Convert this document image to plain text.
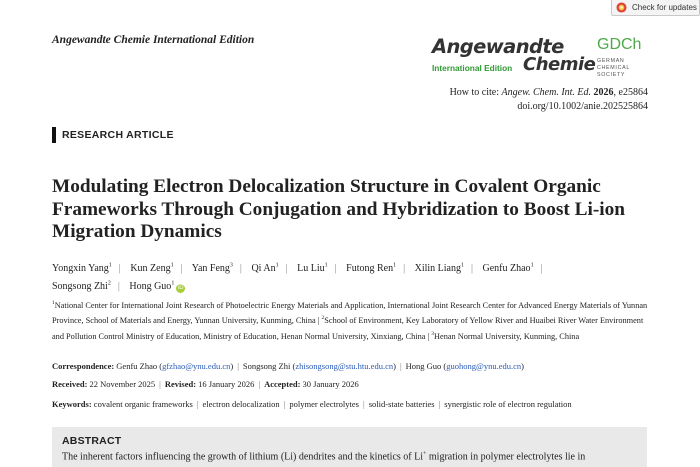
Angewandte Chemie International Edition
Check for updates
Angewandte
International Edition Chemie
GDCh
GERMAN
CHEMICAL SOCIETY
How to cite: Angew. Chem. Int. Ed. 2026, e25864
doi.org/10.1002/anie.202525864
RESEARCH ARTICLE
Modulating Electron Delocalization Structure in Covalent Organic Frameworks Through Conjugation and Hybridization to Boost Li-ion Migration Dynamics
Yongxin Yang$^1$ | Kun Zeng$^1$ | Yan Feng$^3$ | Qi An$^1$ | Lu Liu$^1$ | Futong Ren$^1$ | Xilin Liang$^1$ | Genfu Zhao$^1$ |
Songsong Zhi$^2$ | Hong Guo$^1$iD
$^1$National Center for International Joint Research of Photoelectric Energy Materials and Application, International Joint Research Center for Advanced Energy Materials of Yunnan Province, School of Materials and Energy, Yunnan University, Kunming, China | $^2$School of Environment, Key Laboratory of Yellow River and Huaibei River Water Environment and Pollution Control Ministry of Education, Ministry of Education, Henan Normal University, Xinxiang, China | $^3$Henan Normal University, Kunming, China
Correspondence: Genfu Zhao (gfzhao@ynu.edu.cn) | Songsong Zhi (zhisongsong@stu.htu.edu.cn) | Hong Guo (guohong@ynu.edu.cn)
Received: 22 November 2025 | Revised: 16 January 2026 | Accepted: 30 January 2026
Keywords: covalent organic frameworks | electron delocalization | polymer electrolytes | solid-state batteries | synergistic role of electron regulation
ABSTRACT
The inherent factors influencing the growth of lithium (Li) dendrites and the kinetics of Li+ migration in polymer electrolytes lie in
